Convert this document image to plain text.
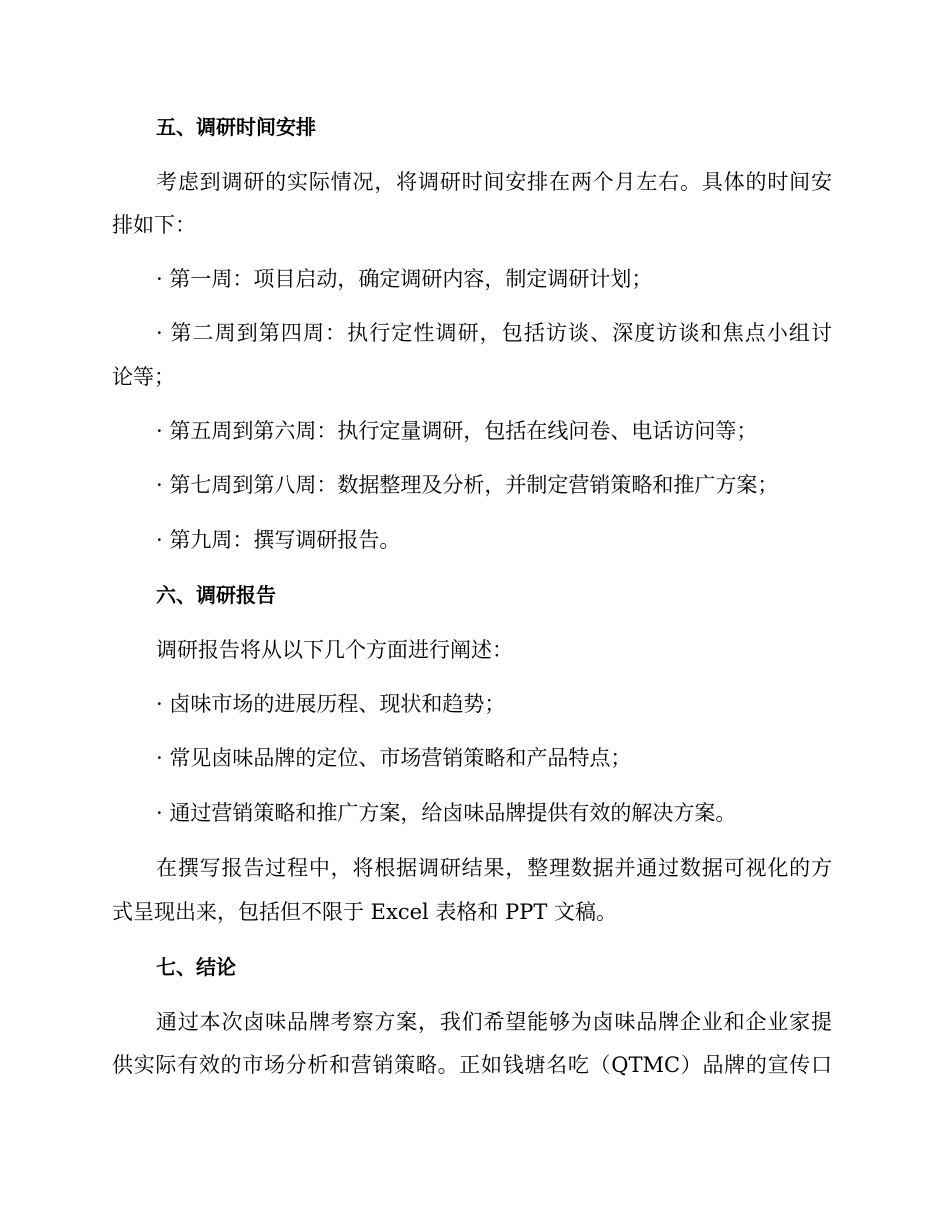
五、调研时间安排
考虑到调研的实际情况，将调研时间安排在两个月左右。具体的时间安
排如下：
· 第一周：项目启动，确定调研内容，制定调研计划；
· 第二周到第四周：执行定性调研，包括访谈、深度访谈和焦点小组讨
论等；
· 第五周到第六周：执行定量调研，包括在线问卷、电话访问等；
· 第七周到第八周：数据整理及分析，并制定营销策略和推广方案；
· 第九周：撰写调研报告。
六、调研报告
调研报告将从以下几个方面进行阐述：
· 卤味市场的进展历程、现状和趋势；
· 常见卤味品牌的定位、市场营销策略和产品特点；
· 通过营销策略和推广方案，给卤味品牌提供有效的解决方案。
在撰写报告过程中，将根据调研结果，整理数据并通过数据可视化的方
式呈现出来，包括但不限于 Excel 表格和 PPT 文稿。
七、结论
通过本次卤味品牌考察方案，我们希望能够为卤味品牌企业和企业家提
供实际有效的市场分析和营销策略。正如钱塘名吃（QTMC）品牌的宣传口
